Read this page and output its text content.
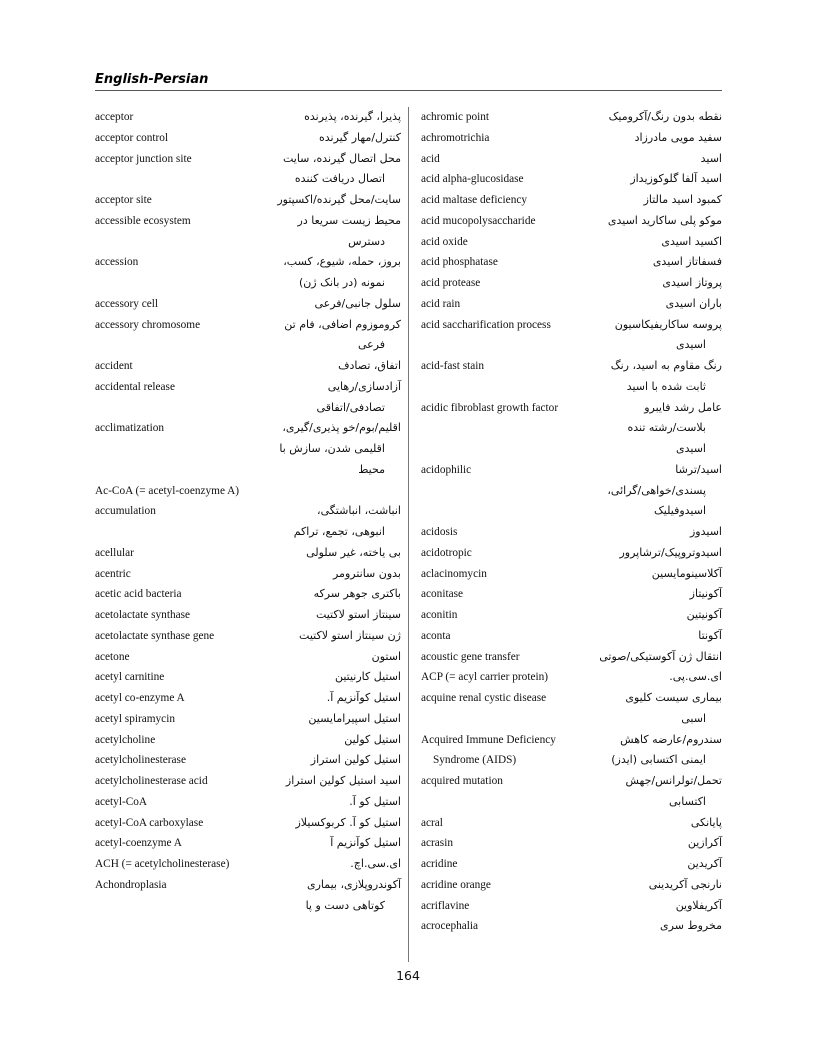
English-Persian
acceptor	پذیرا، گیرنده، پذیرنده
acceptor control	کنترل/مهار گیرنده
acceptor junction site	محل اتصال گیرنده، سایت
اتصال دریافت کننده
acceptor site	سایت/محل گیرنده/اکسپتور
accessible ecosystem	محیط زیست سریعا در
دسترس
accession	بروز، حمله، شیوع، کسب،
نمونه (در بانک ژن)
accessory cell	سلول جانبی/فرعی
accessory chromosome	کروموزوم اضافی، فام تن
فرعی
accident	اتفاق، تصادف
accidental release	آزادسازی/رهایی
تصادفی/اتفاقی
acclimatization	اقلیم/بوم/خو پذیری/گیری،
اقلیمی شدن، سازش با
محیط
Ac-CoA (= acetyl-coenzyme A)
accumulation	انباشت، انباشتگی،
انبوهی، تجمع، تراکم
acellular	بی یاخته، غیر سلولی
acentric	بدون سانترومر
acetic acid bacteria	باکتری جوهر سرکه
acetolactate synthase	سینتاز استو لاکتیت
acetolactate synthase gene	ژن سینتاز استو لاکتیت
acetone	استون
acetyl carnitine	استیل کارنیتین
acetyl co-enzyme A	استیل کوآنزیم آ.
acetyl spiramycin	استیل اسپیرامایسین
acetylcholine	استیل کولین
acetylcholinesterase	استیل کولین استراز
acetylcholinesterase acid	اسید استیل کولین استراز
acetyl-CoA	استیل کو آ.
acetyl-CoA carboxylase	استیل کو آ. کربوکسیلاز
acetyl-coenzyme A	استیل کوآنزیم آ
ACH (= acetylcholinesterase)	ای.سی.اچ.
Achondroplasia	آکوندروپلازی، بیماری
کوتاهی دست و پا
achromic point	نقطه بدون رنگ/آکرومیک
achromotrichia	سفید مویی مادرزاد
acid	اسید
acid alpha-glucosidase	اسید آلفا گلوکوزیداز
acid maltase deficiency	کمبود اسید مالتاز
acid mucopolysaccharide	موکو پلی ساکارید اسیدی
acid oxide	اکسید اسیدی
acid phosphatase	فسفاتاز اسیدی
acid protease	پروتاز اسیدی
acid rain	باران اسیدی
acid saccharification process	پروسه ساکاریفیکاسیون
اسیدی
acid-fast stain	رنگ مقاوم به اسید، رنگ
ثابت شده با اسید
acidic fibroblast growth factor	عامل رشد فایبرو
بلاست/رشته تنده
اسیدی
acidophilic	اسید/ترشا
پسندی/خواهی/گرائی،
اسیدوفیلیک
acidosis	اسیدوز
acidotropic	اسیدوتروپیک/ترشاپرور
aclacinomycin	آکلاسینومایسین
aconitase	آکونیتاز
aconitin	آکونیتین
aconta	آکونتا
acoustic gene transfer	انتقال ژن آکوستیکی/صوتی
ACP (= acyl carrier protein)	ای.سی.پی.
acquine renal cystic disease	بیماری سیست کلیوی
اسبی
Acquired Immune Deficiency Syndrome (AIDS)
سندروم/عارضه کاهش
ایمنی اکتسابی (ایدز)
acquired mutation	تحمل/تولرانس/جهش
اکتسابی
acral	پایانکی
acrasin	آکرازین
acridine	آکریدین
acridine orange	نارنجی آکریدینی
acriflavine	آکریفلاوین
acrocephalia	مخروط سری
164
